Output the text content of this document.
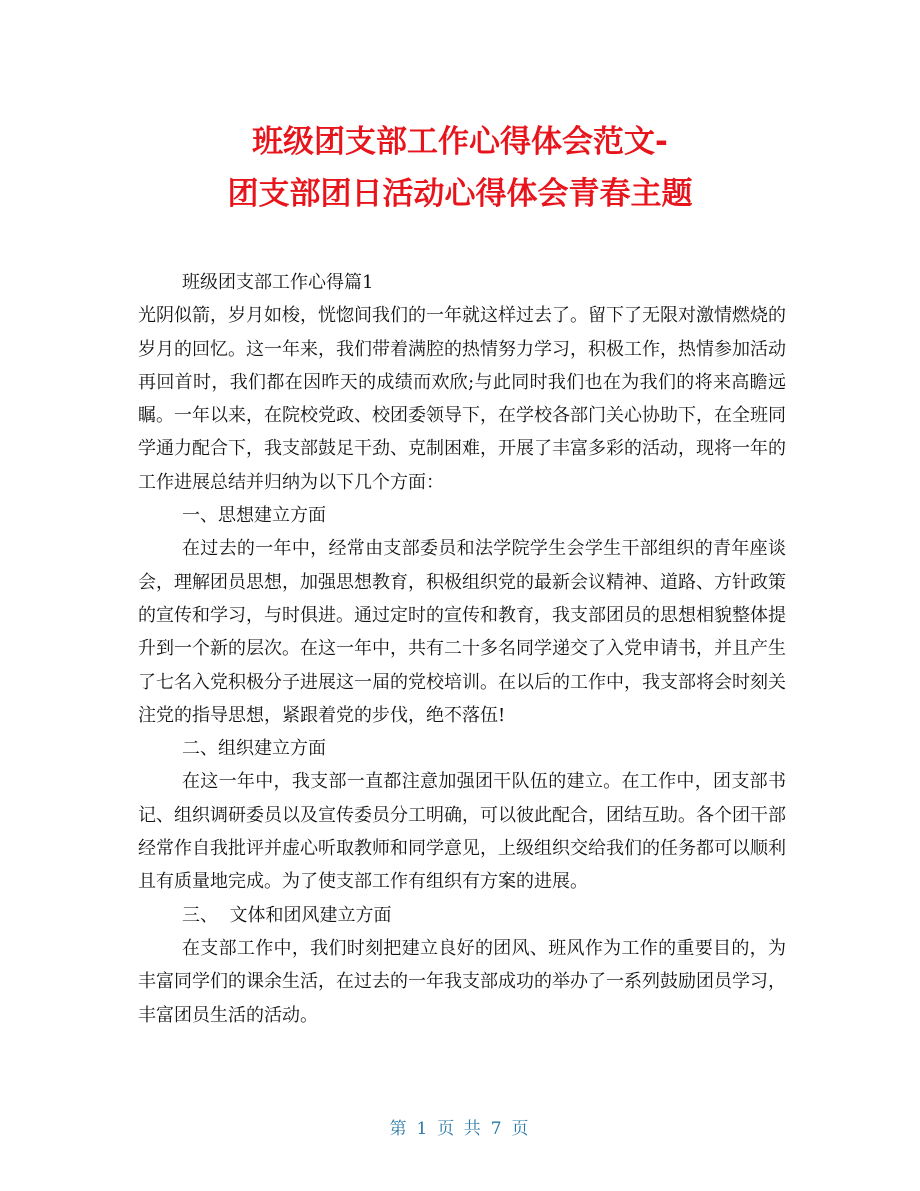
班级团支部工作心得体会范文-
团支部团日活动心得体会青春主题

班级团支部工作心得篇1

光阴似箭，岁月如梭，恍惚间我们的一年就这样过去了。留下了无限对激情燃烧的岁月的回忆。这一年来，我们带着满腔的热情努力学习，积极工作，热情参加活动再回首时，我们都在因昨天的成绩而欢欣;与此同时我们也在为我们的将来高瞻远瞩。一年以来，在院校党政、校团委领导下，在学校各部门关心协助下，在全班同学通力配合下，我支部鼓足干劲、克制困难，开展了丰富多彩的活动，现将一年的工作进展总结并归纳为以下几个方面：

一、思想建立方面

在过去的一年中，经常由支部委员和法学院学生会学生干部组织的青年座谈会，理解团员思想，加强思想教育，积极组织党的最新会议精神、道路、方针政策的宣传和学习，与时俱进。通过定时的宣传和教育，我支部团员的思想相貌整体提升到一个新的层次。在这一年中，共有二十多名同学递交了入党申请书，并且产生了七名入党积极分子进展这一届的党校培训。在以后的工作中，我支部将会时刻关注党的指导思想，紧跟着党的步伐，绝不落伍!

二、组织建立方面

在这一年中，我支部一直都注意加强团干队伍的建立。在工作中，团支部书记、组织调研委员以及宣传委员分工明确，可以彼此配合，团结互助。各个团干部经常作自我批评并虚心听取教师和同学意见，上级组织交给我们的任务都可以顺利且有质量地完成。为了使支部工作有组织有方案的进展。

三、  文体和团风建立方面

在支部工作中，我们时刻把建立良好的团风、班风作为工作的重要目的，为丰富同学们的课余生活，在过去的一年我支部成功的举办了一系列鼓励团员学习，丰富团员生活的活动。

第 1 页 共 7 页
